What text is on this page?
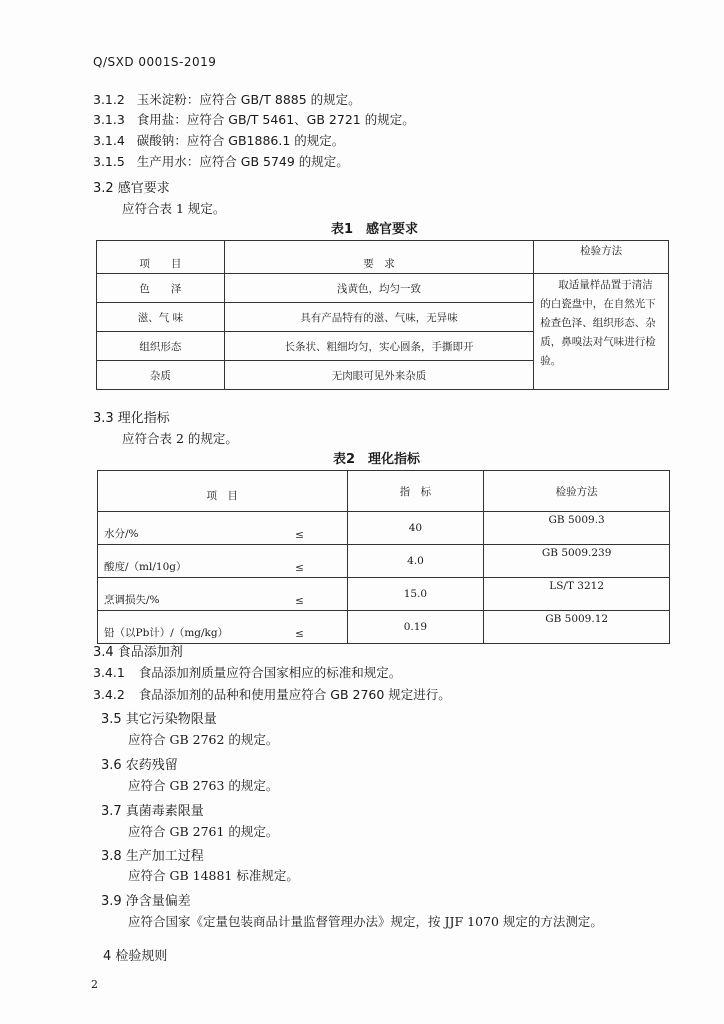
Q/SXD 0001S-2019
3.1.2 玉米淀粉：应符合 GB/T 8885 的规定。
3.1.3 食用盐：应符合 GB/T 5461、GB 2721 的规定。
3.1.4 碳酸钠：应符合 GB1886.1 的规定。
3.1.5 生产用水：应符合 GB 5749 的规定。
3.2 感官要求
应符合表 1 规定。
表1　感官要求
项　　目	要　求	检验方法
色　　泽	浅黄色，均匀一致	取适量样品置于清洁
的白瓷盘中，在自然光下
检查色泽、组织形态、杂
质，鼻嗅法对气味进行检
验。

滋、气 味	具有产品特有的滋、气味，无异味	
组织形态	长条状、粗细均匀，实心圆条，手撕即开	
杂质	无肉眼可见外来杂质	
3.3 理化指标
应符合表 2 的规定。
表2　理化指标
项　目		指　标	检验方法
水分/%	≤	40	GB 5009.3
酸度/（ml/10g）	≤	4.0	GB 5009.239
烹调损失/%	≤	15.0	LS/T 3212
铅（以Pb计）/（mg/kg）	≤	0.19	GB 5009.12
3.4 食品添加剂
3.4.1 食品添加剂质量应符合国家相应的标准和规定。
3.4.2 食品添加剂的品种和使用量应符合 GB 2760 规定进行。
3.5 其它污染物限量
应符合 GB 2762 的规定。
3.6 农药残留
应符合 GB 2763 的规定。
3.7 真菌毒素限量
应符合 GB 2761 的规定。
3.8 生产加工过程
应符合 GB 14881 标准规定。
3.9 净含量偏差
应符合国家《定量包装商品计量监督管理办法》规定，按 JJF 1070 规定的方法测定。
4 检验规则
2
